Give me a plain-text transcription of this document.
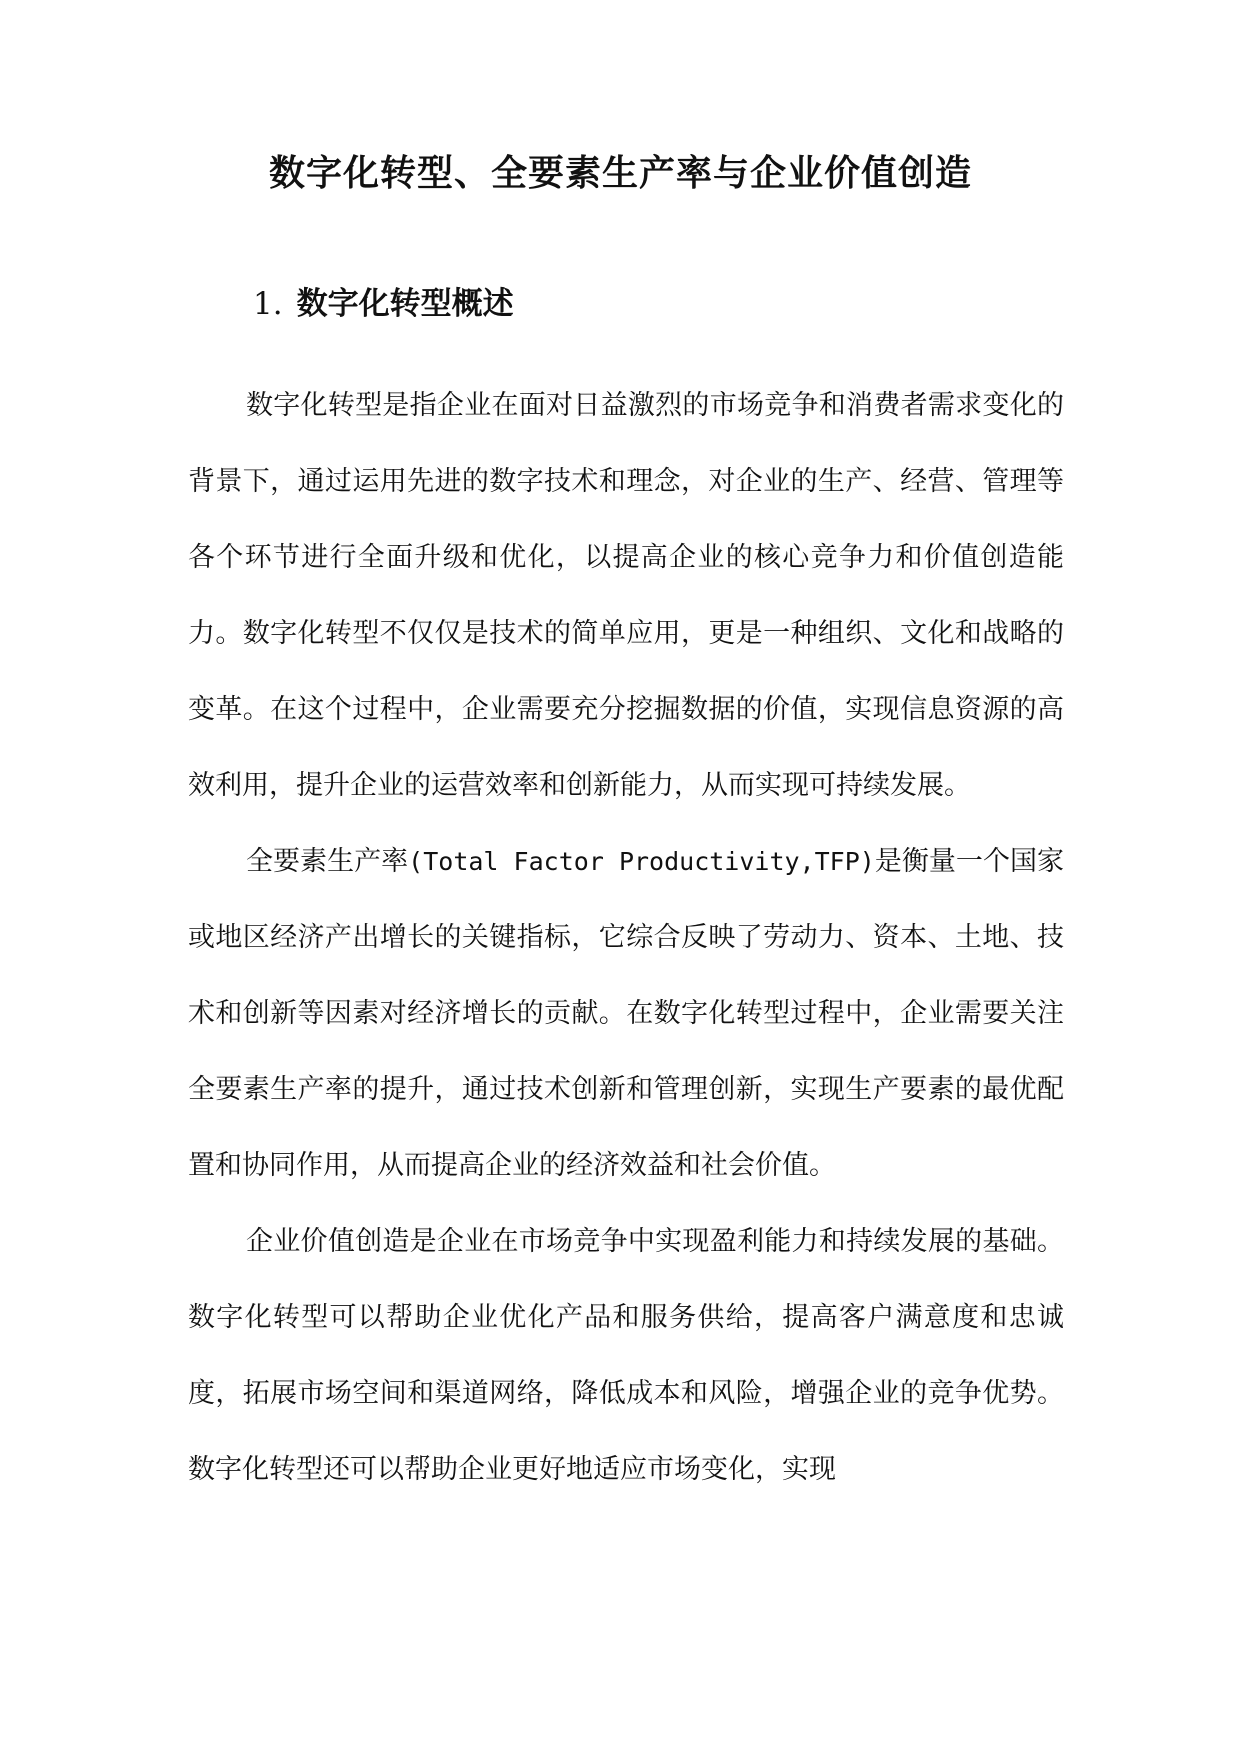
数字化转型、全要素生产率与企业价值创造
1. 数字化转型概述

数字化转型是指企业在面对日益激烈的市场竞争和消费者需求变化的背景下，通过运用先进的数字技术和理念，对企业的生产、经营、管理等各个环节进行全面升级和优化，以提高企业的核心竞争力和价值创造能力。数字化转型不仅仅是技术的简单应用，更是一种组织、文化和战略的变革。在这个过程中，企业需要充分挖掘数据的价值，实现信息资源的高效利用，提升企业的运营效率和创新能力，从而实现可持续发展。

全要素生产率(Total Factor Productivity,TFP)是衡量一个国家或地区经济产出增长的关键指标，它综合反映了劳动力、资本、土地、技术和创新等因素对经济增长的贡献。在数字化转型过程中，企业需要关注全要素生产率的提升，通过技术创新和管理创新，实现生产要素的最优配置和协同作用，从而提高企业的经济效益和社会价值。

企业价值创造是企业在市场竞争中实现盈利能力和持续发展的基础。数字化转型可以帮助企业优化产品和服务供给，提高客户满意度和忠诚度，拓展市场空间和渠道网络，降低成本和风险，增强企业的竞争优势。数字化转型还可以帮助企业更好地适应市场变化，实现
